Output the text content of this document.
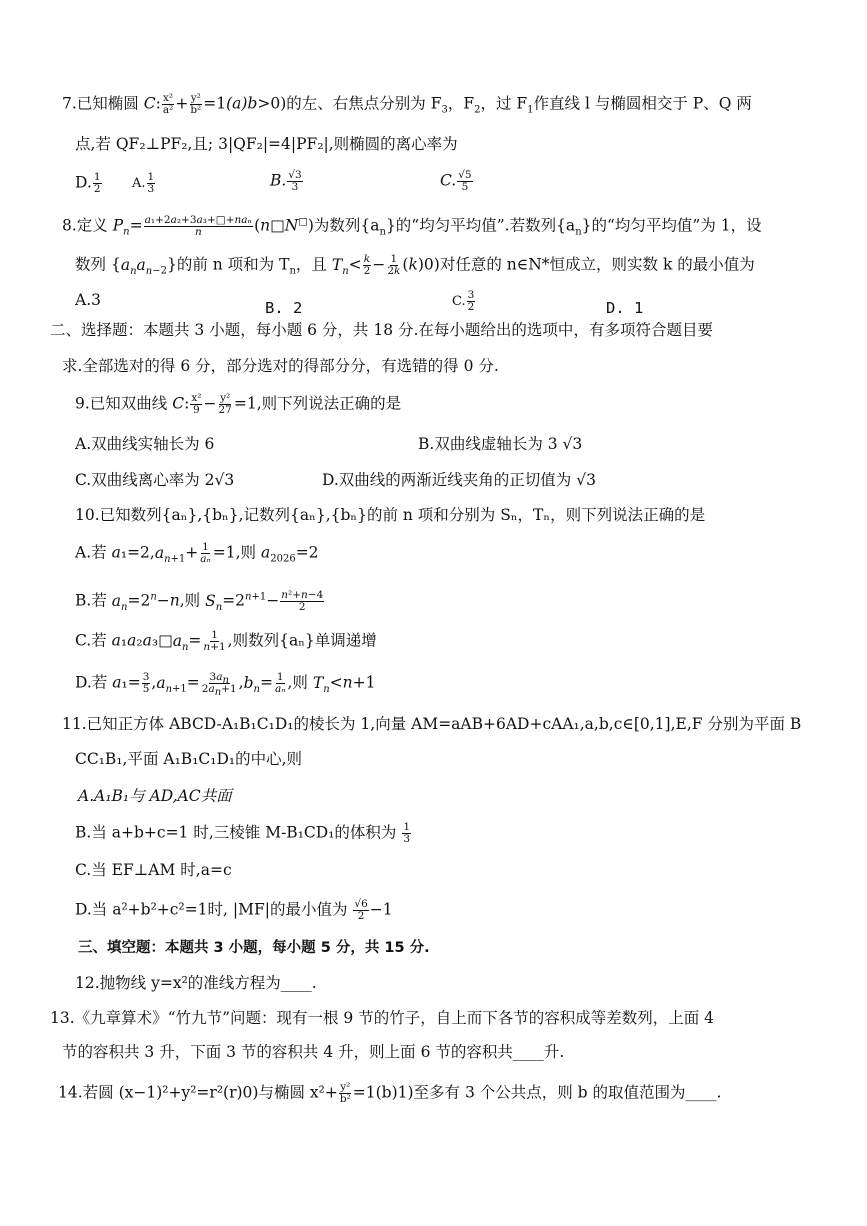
7.已知椭圆 C: $\frac{\text{x²}}{\text{a²}} + \frac{\text{y²}}{\text{b²}} =1(a)b>0$)的左、右焦点分别为 $F_3$，$F_2$，过 $F_1$作直线 l 与椭圆相交于 P、Q 两
点,若 QF₂⊥PF₂,且; 3|QF₂|=4|PF₂|,则椭圆的离心率为
D. $\frac{1}{2} A$. $\frac{1}{3}$	B. $\frac{√3}{3}$	C. $\frac{√5}{5}$
8.定义 $P_n= \frac{\text{a₁+2a₂+3a₃+□+naₙ}}{n}$ (n□N□)为数列$\{a_n\}$的“均匀平均值”.若数列$\{a_n\}$的“均匀平均值”为 1，设
数列 $\{a_na_{n-2}\}$的前 n 项和为 $T_n$，且 $T_n< \frac{k}{2} - \frac{1}{2k} (k)0$)对任意的 n∈N*恒成立，则实数 k 的最小值为
A.3	B. 2	C. $\frac{3}{2}$	D. 1
二、选择题：本题共 3 小题，每小题 6 分，共 18 分.在每小题给出的选项中，有多项符合题目要
求.全部选对的得 6 分，部分选对的得部分分，有选错的得 0 分.
9.已知双曲线 C: $\frac{\text{x²}}{9} - \frac{\text{y²}}{27} =1$,则下列说法正确的是
A.双曲线实轴长为 6	B.双曲线虚轴长为 3 √3
C.双曲线离心率为 2√3	D.双曲线的两渐近线夹角的正切值为 √3
10.已知数列{aₙ},{bₙ},记数列{aₙ},{bₙ}的前 n 项和分别为 Sₙ，Tₙ，则下列说法正确的是
A.若 $a_1=2,a_{n+1}+ \frac{1}{\text{aₙ}} =1$,则 $a_{2026}=2$
B.若 $a_n=2^n-n$,则 $S_n=2^{n+1}- \frac{\text{n²+n−4}}{2}$
C.若 $a_1a_2a_3□a_n= \frac{1}{n+1}$ ,则数列{aₙ}单调递增
D.若 $a_1= \frac{3}{5} ,a_{n+1}= \frac{3a_n}{2a_n+1} ,b_n= \frac{1}{\text{aₙ}}$ ,则 $T_n<n+1$
11.已知正方体 ABCD-A₁B₁C₁D₁的棱长为 1,向量 AM=aAB+6AD+cAA₁,a,b,c∈[0,1],E,F 分别为平面 B
CC₁B₁,平面 A₁B₁C₁D₁的中心,则
A.A₁B₁与 AD,AC共面
B.当 a+b+c=1 时,三棱锥 M-B₁CD₁的体积为 $\frac{1}{3}$
C.当 EF⊥AM 时,a=c
D.当 a²+b²+c²=1时, |MF|的最小值为 $\frac{√6}{2} -1$
三、填空题：本题共 3 小题，每小题 5 分，共 15 分.
12.抛物线 y=x²的准线方程为____.
13.《九章算术》“竹九节”问题：现有一根 9 节的竹子，自上而下各节的容积成等差数列，上面 4
节的容积共 3 升，下面 3 节的容积共 4 升，则上面 6 节的容积共____升.
14.若圆 (x−1)²+y²=r²(r)0)与椭圆 $x^2+ \frac{\text{y²}}{\text{b²}} =1(b)1$)至多有 3 个公共点，则 b 的取值范围为____.
